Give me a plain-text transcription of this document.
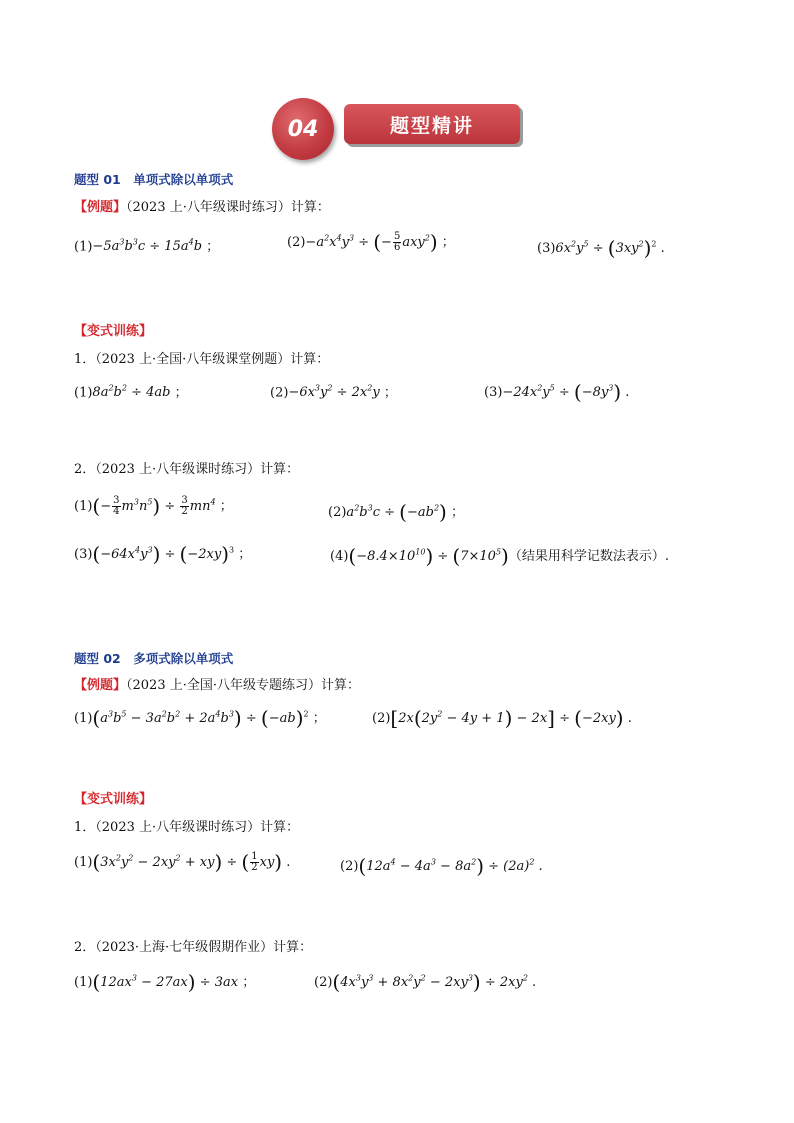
04	题型精讲
题型 01　单项式除以单项式
【例题】（2023 上·八年级课时练习）计算：
$(1)-5a^3b^3c \div 15a^4b$ ；	$(2)-a^2x^4y^3$ ÷ (− $\frac{5}{6} axy^2$) ；	$(3)6x^2y^5 \div (3xy^2)^2$ .
【变式训练】
1．（2023 上·全国·八年级课堂例题）计算：
$(1)8a^2b^2 \div 4ab$ ；	$(2)-6x^3y^2 \div 2x^2y$ ；	$(3)-24x^2y^5 \div (-8y^3)$ .
2．（2023 上·八年级课时练习）计算：
$(1)(- \frac{3}{4} m^3n^5) \div \frac{3}{2} mn^4$ ；	$(2)a^2b^3c \div (-ab^2)$ ；
$(3)(-64x^4y^3) \div (-2xy)^3$ ；	$(4)(-8.4\times 10^{10}) \div (7\times 10^5)$（结果用科学记数法表示）.
题型 02　多项式除以单项式
【例题】（2023 上·全国·八年级专题练习）计算：
$(1)(a^3b^5 - 3a^2b^2 + 2a^4b^3) \div (-ab)^2$ ；	$(2)[2x(2y^2 - 4y + 1) - 2x] \div (-2xy)$ .
【变式训练】
1．（2023 上·八年级课时练习）计算：
$(1)(3x^2y^2 - 2xy^2 + xy)$ ÷ ( $\frac{1}{2} xy$) .	$(2)(12a^4 - 4a^3 - 8a^2) \div (2a)^2$ .
2．（2023·上海·七年级假期作业）计算：
$(1)(12ax^3 - 27ax) \div 3ax$ ；	$(2)(4x^3y^3 + 8x^2y^2 - 2xy^3) \div 2xy^2$ .
